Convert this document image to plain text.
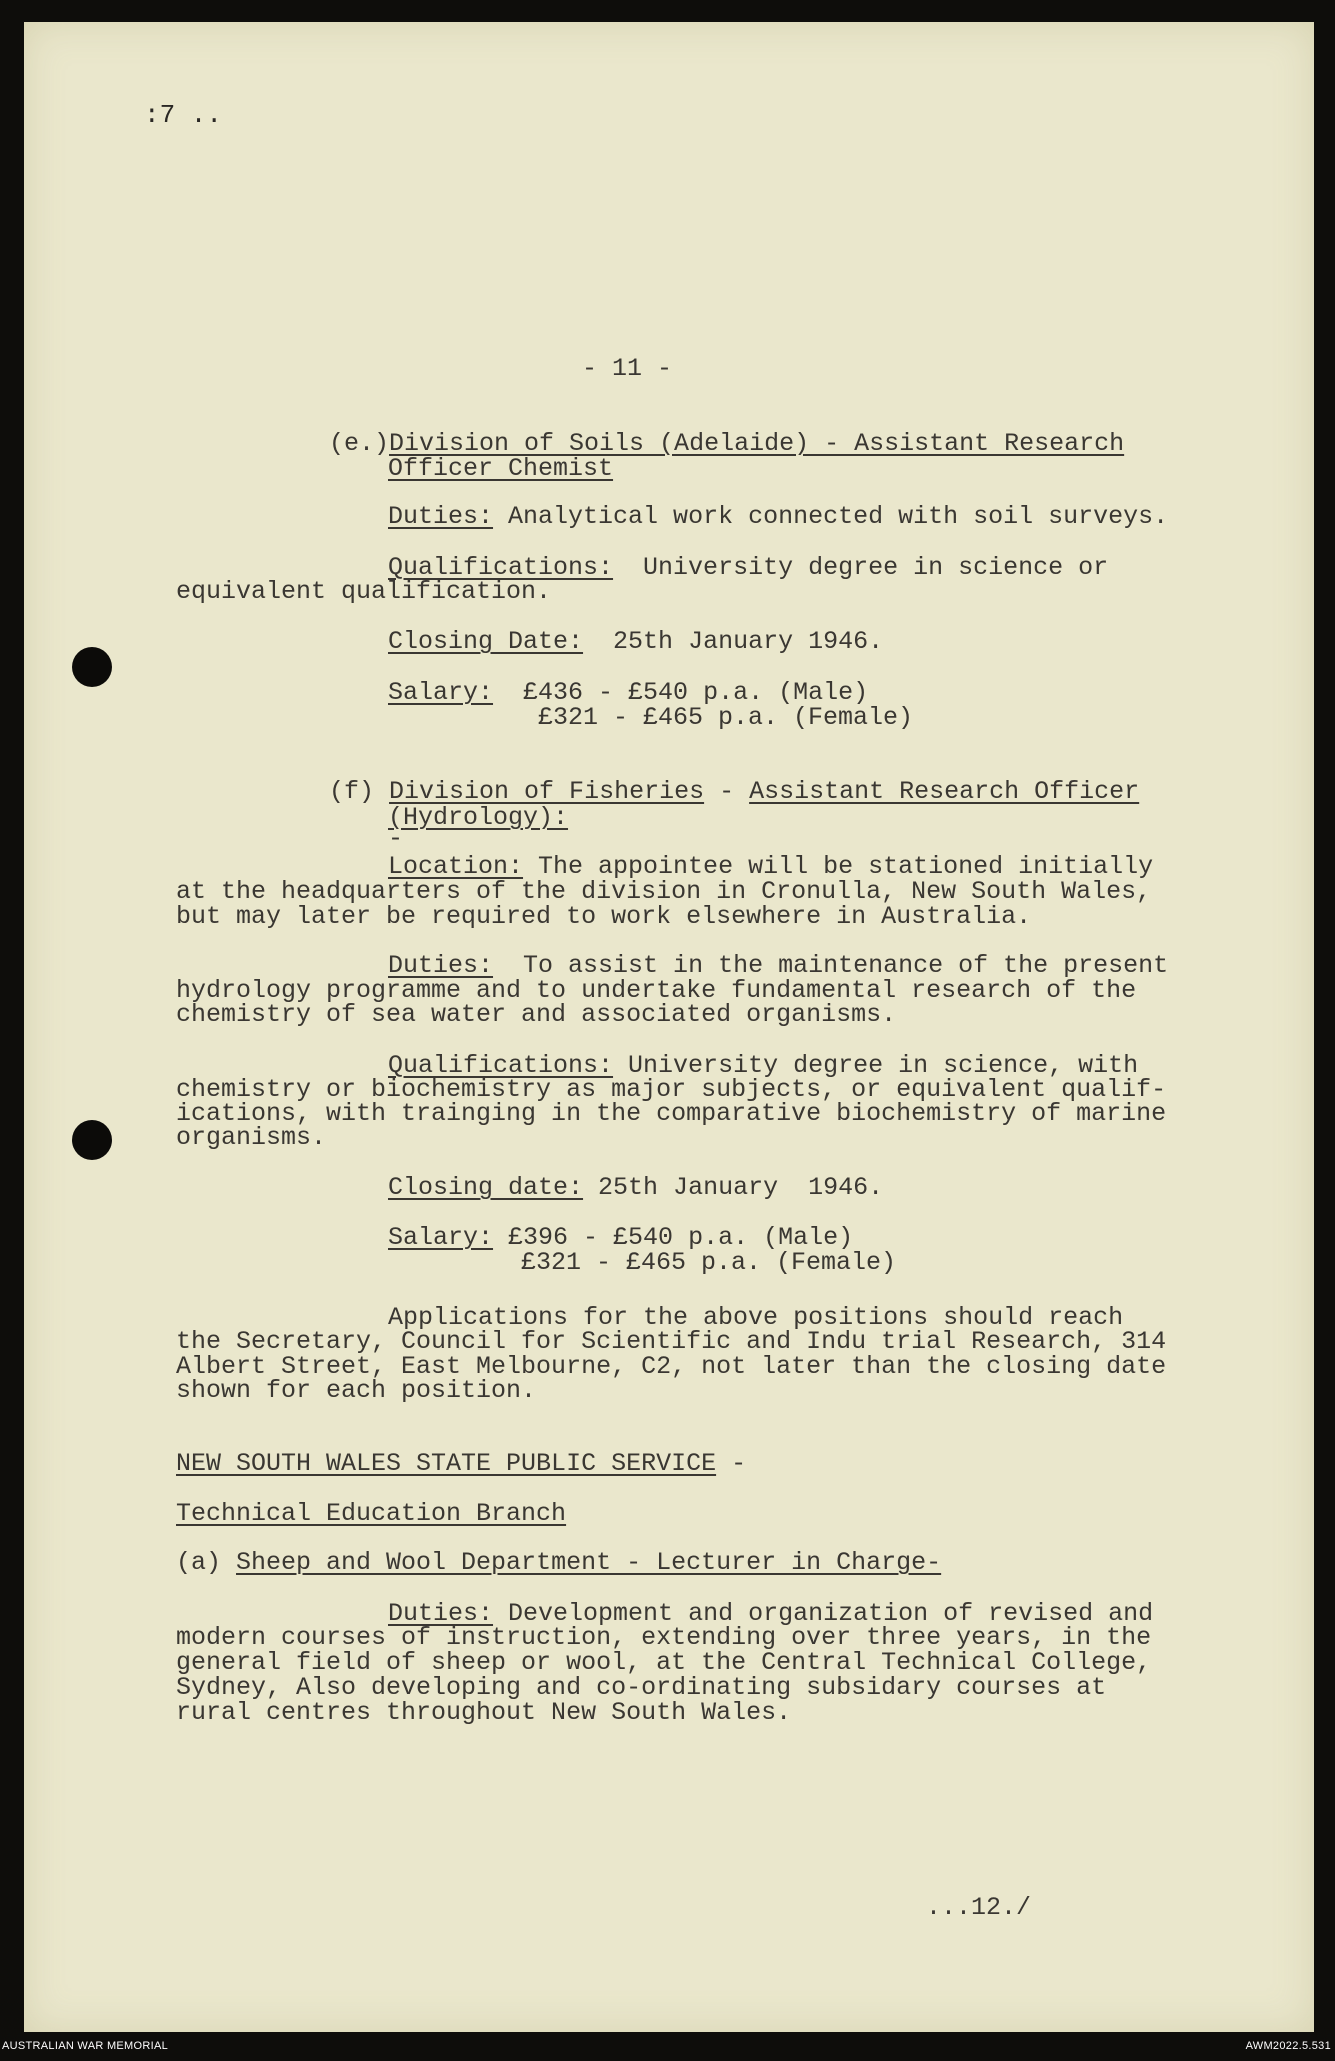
:7 ..
- 11 -
(e.)Division of Soils (Adelaide) - Assistant Research
Officer Chemist
Duties: Analytical work connected with soil surveys.
Qualifications:  University degree in science or
equivalent qualification.
Closing Date:  25th January 1946.
Salary:  £436 - £540 p.a. (Male)
£321 - £465 p.a. (Female)
(f) Division of Fisheries - Assistant Research Officer
(Hydrology):
-
Location: The appointee will be stationed initially
at the headquarters of the division in Cronulla, New South Wales,
but may later be required to work elsewhere in Australia.
Duties:  To assist in the maintenance of the present
hydrology programme and to undertake fundamental research of the
chemistry of sea water and associated organisms.
Qualifications: University degree in science, with
chemistry or biochemistry as major subjects, or equivalent qualif-
ications, with trainging in the comparative biochemistry of marine
organisms.
Closing date: 25th January  1946.
Salary: £396 - £540 p.a. (Male)
£321 - £465 p.a. (Female)
Applications for the above positions should reach
the Secretary, Council for Scientific and Indu trial Research, 314
Albert Street, East Melbourne, C2, not later than the closing date
shown for each position.
NEW SOUTH WALES STATE PUBLIC SERVICE -
Technical Education Branch
(a) Sheep and Wool Department - Lecturer in Charge-
Duties: Development and organization of revised and
modern courses of instruction, extending over three years, in the
general field of sheep or wool, at the Central Technical College,
Sydney, Also developing and co-ordinating subsidary courses at
rural centres throughout New South Wales.
...12./
AUSTRALIAN WAR MEMORIAL	AWM2022.5.531
